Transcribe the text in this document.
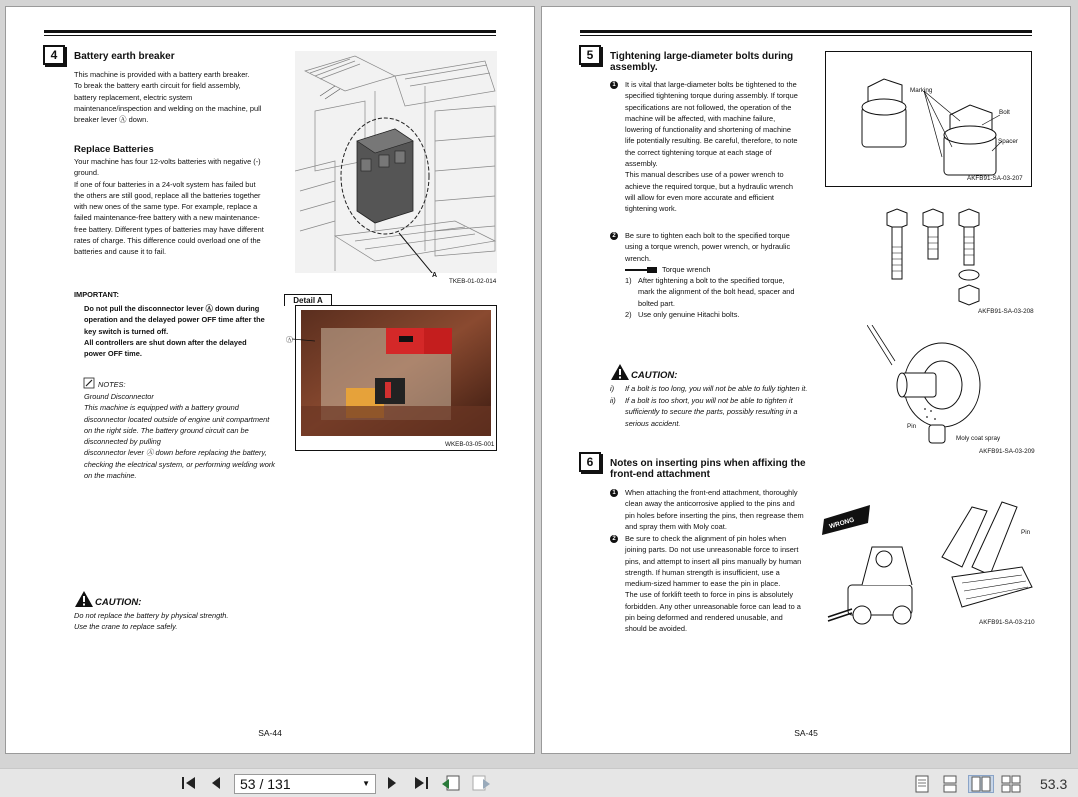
4	Battery earth breaker
This machine is provided with a battery earth breaker.
To break the battery earth circuit for field assembly,
battery replacement, electric system
maintenance/inspection and welding on the machine, pull
breaker lever Ⓐ down.
Replace Batteries
Your machine has four 12-volts batteries with negative (-)
ground.
If one of four batteries in a 24-volt system has failed but
the others are still good, replace all the batteries together
with new ones of the same type. For example, replace a
failed maintenance-free battery with a new maintenance-
free battery. Different types of batteries may have different
rates of charge. This difference could overload one of the
batteries and cause it to fail.
IMPORTANT:
Do not pull the disconnector lever Ⓐ down during
operation and the delayed power OFF time after the
key switch is turned off.
All controllers are shut down after the delayed
power OFF time.
NOTES:
Ground Disconnector
This machine is equipped with a battery ground
disconnector located outside of engine unit compartment
on the right side. The battery ground circuit can be
disconnected by pulling
disconnector lever Ⓐ down before replacing the battery,
checking the electrical system, or performing welding work
on the machine.
CAUTION:
Do not replace the battery by physical strength.
Use the crane to replace safely.
A
TKEB-01-02-014
Detail A
Ⓐ
WKEB-03-05-001
SA-44
5	Tightening large-diameter bolts during
assembly.
1	It is vital that large-diameter bolts be tightened to the
specified tightening torque during assembly. If torque
specifications are not followed, the operation of the
machine will be affected, with machine failure,
lowering of functionality and shortening of machine
life potentially resulting. Be careful, therefore, to note
the correct tightening torque at each stage of
assembly.
This manual describes use of a power wrench to
achieve the required torque, but a hydraulic wrench
will allow for even more accurate and efficient
tightening work.
2	Be sure to tighten each bolt to the specified torque
using a torque wrench, power wrench, or hydraulic
wrench.
Torque wrench
1) After tightening a bolt to the specified torque,
mark the alignment of the bolt head, spacer and
bolted part.
2) Use only genuine Hitachi bolts.
CAUTION:
i) If a bolt is too long, you will not be able to fully tighten it.
ii) If a bolt is too short, you will not be able to tighten it
sufficiently to secure the parts, possibly resulting in a
serious accident.
6	Notes on inserting pins when affixing the
front-end attachment
1	When attaching the front-end attachment, thoroughly
clean away the anticorrosive applied to the pins and
pin holes before inserting the pins, then regrease them
and spray them with Moly coat.
2	Be sure to check the alignment of pin holes when
joining parts. Do not use unreasonable force to insert
pins, and attempt to insert all pins manually by human
strength. If human strength is insufficient, use a
medium-sized hammer to ease the pin in place.
The use of forklift teeth to force in pins is absolutely
forbidden. Any other unreasonable force can lead to a
pin being deformed and rendered unusable, and
should be avoided.
Marking
Bolt
Spacer
AKFB91-SA-03-207
AKFB91-SA-03-208
Pin
Moly coat spray
AKFB91-SA-03-209
WRONG
Pin
AKFB91-SA-03-210
SA-45
53 / 131	▼	53.3
